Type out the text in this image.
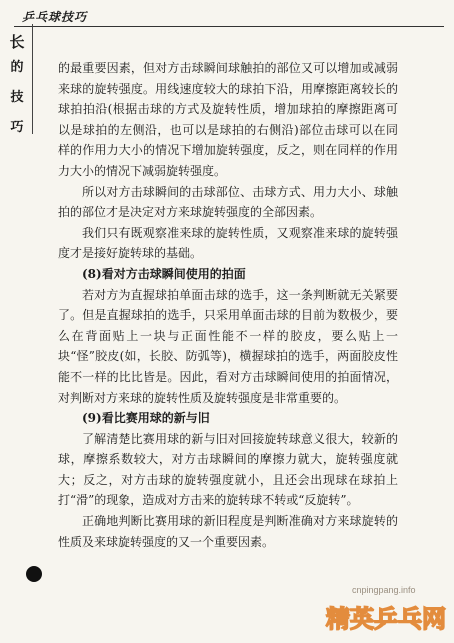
乒乓球技巧
长
的
技
巧

的最重要因素，但对方击球瞬间球触拍的部位又可以增加或减弱来球的旋转强度。用线速度较大的球拍下沿，用摩擦距离较长的球拍拍沿(根据击球的方式及旋转性质，增加球拍的摩擦距离可以是球拍的左侧沿，也可以是球拍的右侧沿)部位击球可以在同样的作用力大小的情况下增加旋转强度，反之，则在同样的作用力大小的情况下减弱旋转强度。

所以对方击球瞬间的击球部位、击球方式、用力大小、球触拍的部位才是决定对方来球旋转强度的全部因素。

我们只有既观察准来球的旋转性质，又观察准来球的旋转强度才是接好旋转球的基础。

(8)看对方击球瞬间使用的拍面

若对方为直握球拍单面击球的选手，这一条判断就无关紧要了。但是直握球拍的选手，只采用单面击球的目前为数极少，要么在背面贴上一块与正面性能不一样的胶皮，要么贴上一块“怪”胶皮(如，长胶、防弧等)，横握球拍的选手，两面胶皮性能不一样的比比皆是。因此，看对方击球瞬间使用的拍面情况，对判断对方来球的旋转性质及旋转强度是非常重要的。

(9)看比赛用球的新与旧

了解清楚比赛用球的新与旧对回接旋转球意义很大，较新的球，摩擦系数较大，对方击球瞬间的摩擦力就大，旋转强度就大；反之，对方击球的旋转强度就小，且还会出现球在球拍上打“滑”的现象，造成对方击来的旋转球不转或“反旋转”。

正确地判断比赛用球的新旧程度是判断准确对方来球旋转的性质及来球旋转强度的又一个重要因素。

cnpingpang.info
精英乒乓网
